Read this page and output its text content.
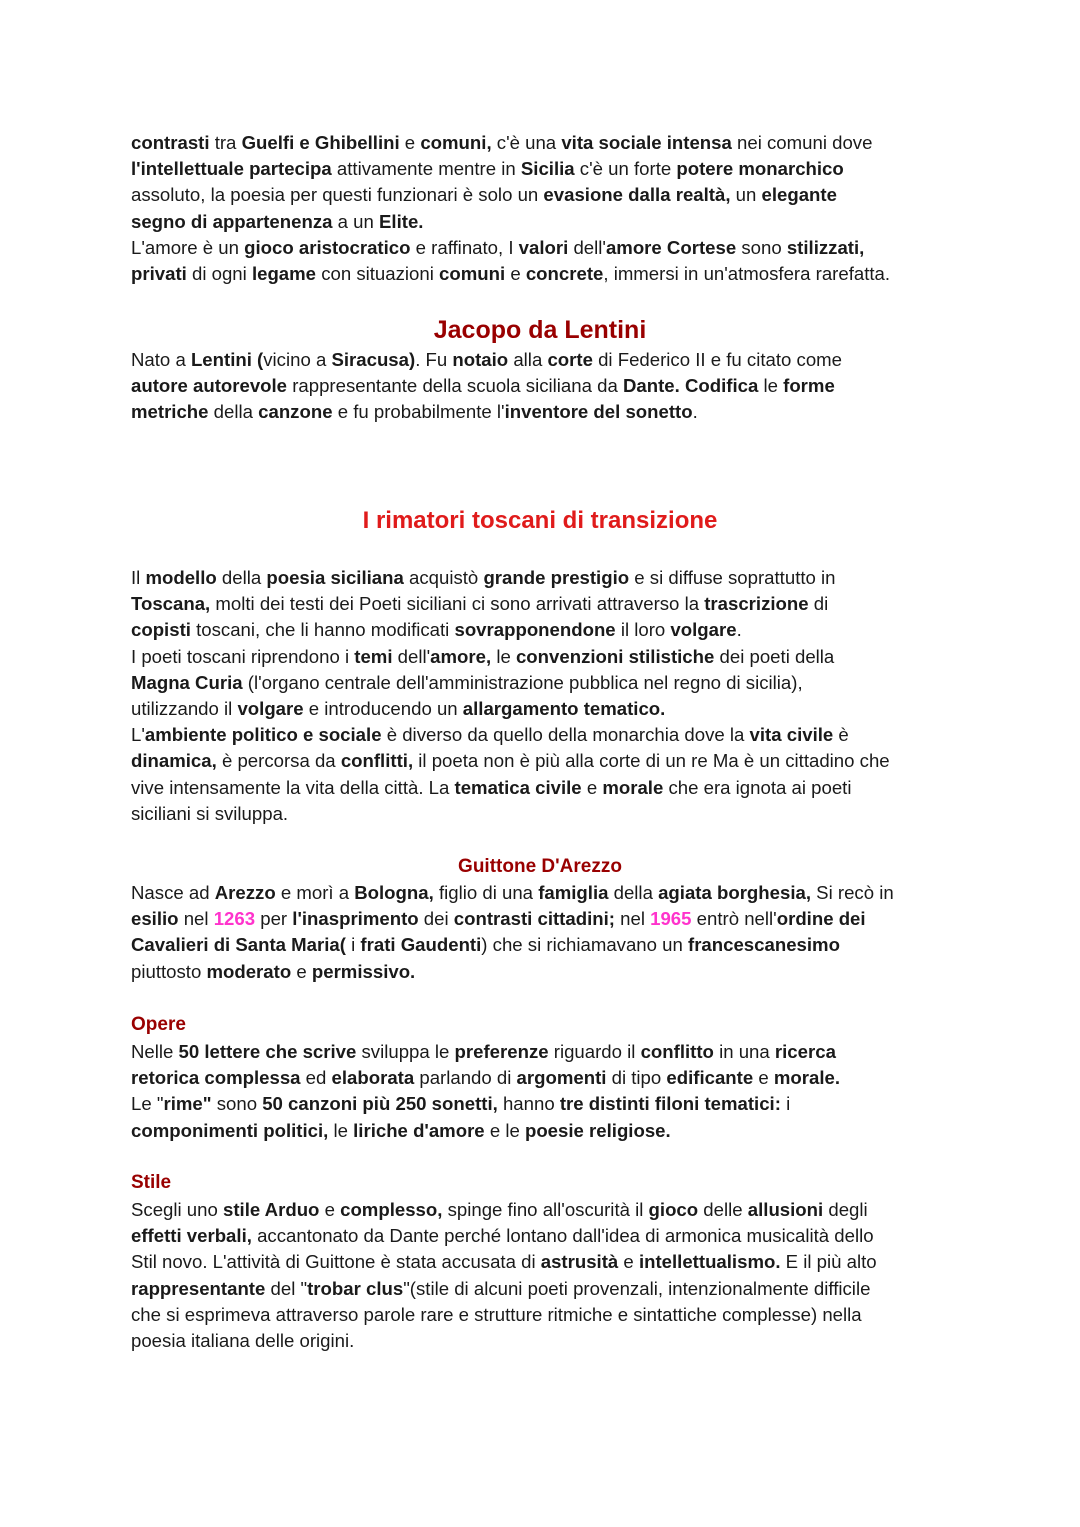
contrasti tra Guelfi e Ghibellini e comuni, c'è una vita sociale intensa nei comuni dove
l'intellettuale partecipa attivamente mentre in Sicilia c'è un forte potere monarchico
assoluto, la poesia per questi funzionari è solo un evasione dalla realtà, un elegante
segno di appartenenza a un Elite.
L'amore è un gioco aristocratico e raffinato, I valori dell'amore Cortese sono stilizzati,
privati di ogni legame con situazioni comuni e concrete, immersi in un'atmosfera rarefatta.
Jacopo da Lentini
Nato a Lentini (vicino a Siracusa). Fu notaio alla corte di Federico II e fu citato come
autore autorevole rappresentante della scuola siciliana da Dante. Codifica le forme
metriche della canzone e fu probabilmente l'inventore del sonetto.
I rimatori toscani di transizione
Il modello della poesia siciliana acquistò grande prestigio e si diffuse soprattutto in
Toscana, molti dei testi dei Poeti siciliani ci sono arrivati attraverso la trascrizione di
copisti toscani, che li hanno modificati sovrapponendone il loro volgare.
I poeti toscani riprendono i temi dell'amore, le convenzioni stilistiche dei poeti della
Magna Curia (l'organo centrale dell'amministrazione pubblica nel regno di sicilia),
utilizzando il volgare e introducendo un allargamento tematico.
L'ambiente politico e sociale è diverso da quello della monarchia dove la vita civile è
dinamica, è percorsa da conflitti, il poeta non è più alla corte di un re Ma è un cittadino che
vive intensamente la vita della città. La tematica civile e morale che era ignota ai poeti
siciliani si sviluppa.
Guittone D'Arezzo
Nasce ad Arezzo e morì a Bologna, figlio di una famiglia della agiata borghesia, Si recò in
esilio nel 1263 per l'inasprimento dei contrasti cittadini; nel 1965 entrò nell'ordine dei
Cavalieri di Santa Maria( i frati Gaudenti) che si richiamavano un francescanesimo
piuttosto moderato e permissivo.
Opere
Nelle 50 lettere che scrive sviluppa le preferenze riguardo il conflitto in una ricerca
retorica complessa ed elaborata parlando di argomenti di tipo edificante e morale.
Le "rime" sono 50 canzoni più 250 sonetti, hanno tre distinti filoni tematici: i
componimenti politici, le liriche d'amore e le poesie religiose.
Stile
Scegli uno stile Arduo e complesso, spinge fino all'oscurità il gioco delle allusioni degli
effetti verbali, accantonato da Dante perché lontano dall'idea di armonica musicalità dello
Stil novo. L'attività di Guittone è stata accusata di astrusità e intellettualismo. E il più alto
rappresentante del "trobar clus"(stile di alcuni poeti provenzali, intenzionalmente difficile
che si esprimeva attraverso parole rare e strutture ritmiche e sintattiche complesse) nella
poesia italiana delle origini.
